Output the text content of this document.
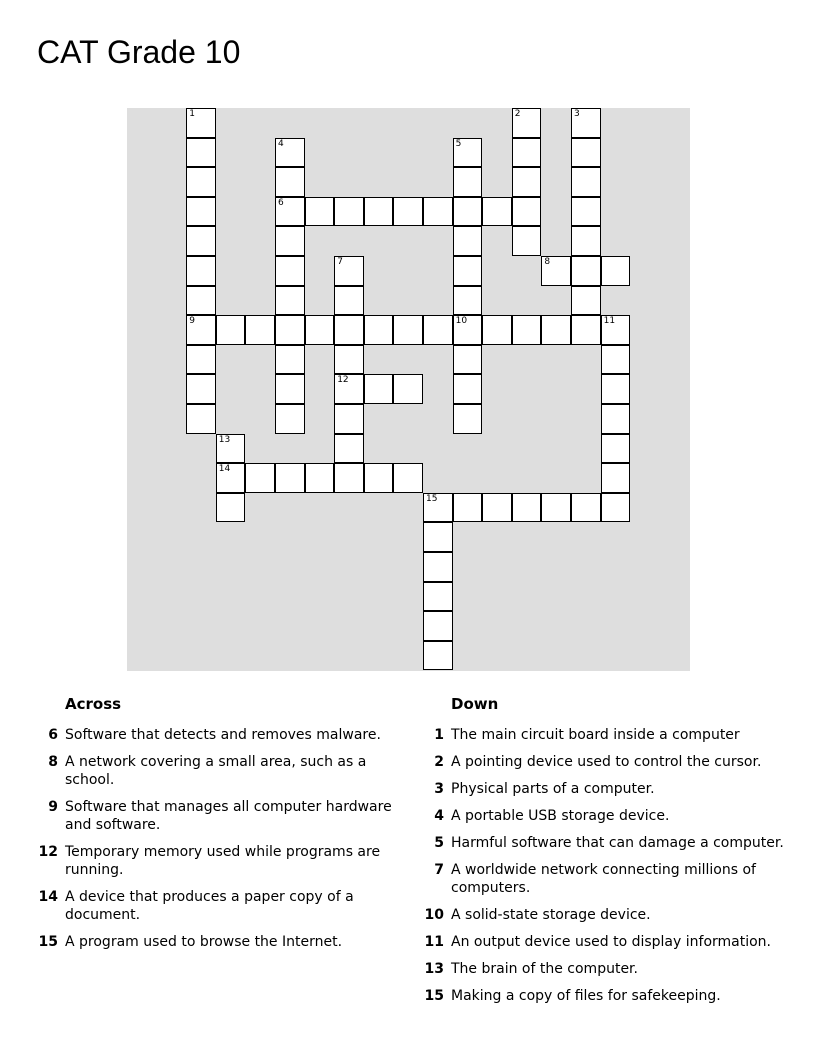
CAT Grade 10
1
9
2	3
4
6
5
7
12
8
10	11
13
14
15
Across
6 Software that detects and removes malware.
8 A network covering a small area, such as a school.
9 Software that manages all computer hardware and software.
12 Temporary memory used while programs are running.
14 A device that produces a paper copy of a document.
15 A program used to browse the Internet.
Down
1 The main circuit board inside a computer
2 A pointing device used to control the cursor.
3 Physical parts of a computer.
4 A portable USB storage device.
5 Harmful software that can damage a computer.
7 A worldwide network connecting millions of computers.
10 A solid-state storage device.
11 An output device used to display information.
13 The brain of the computer.
15 Making a copy of files for safekeeping.
